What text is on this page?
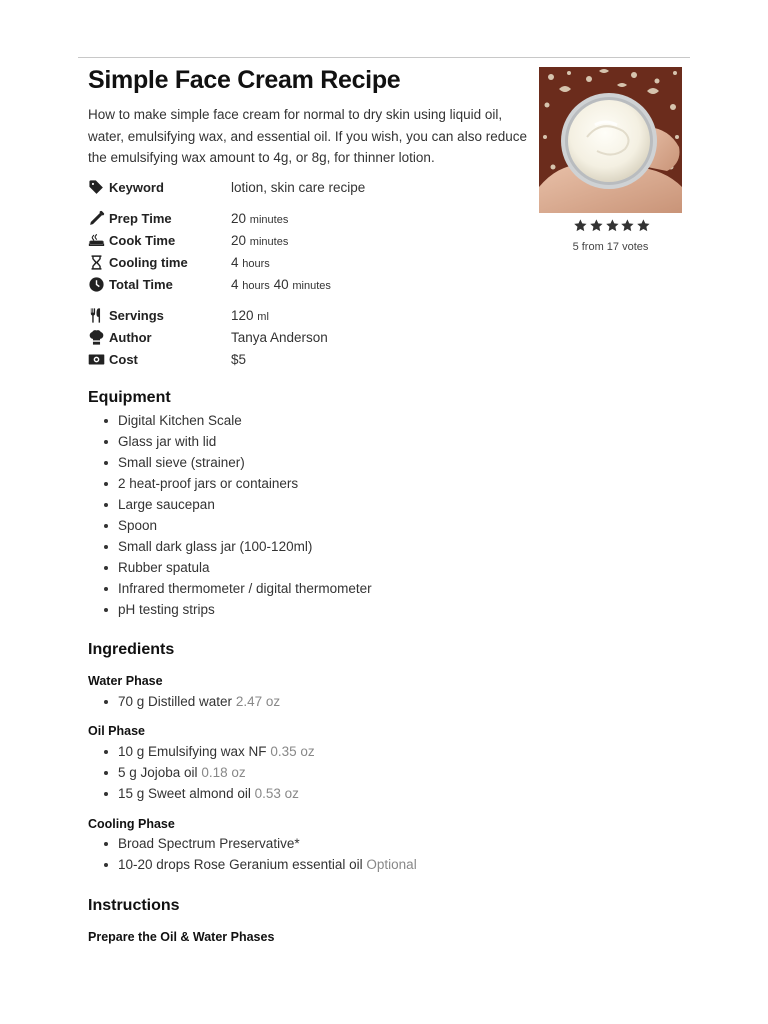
Simple Face Cream Recipe
How to make simple face cream for normal to dry skin using liquid oil, water, emulsifying wax, and essential oil. If you wish, you can also reduce the emulsifying wax amount to 4g, or 8g, for thinner lotion.
5 from 17 votes
Keyword	lotion, skin care recipe
Prep Time	20 minutes
Cook Time	20 minutes
Cooling time	4 hours
Total Time	4 hours 40 minutes
Servings	120 ml
Author	Tanya Anderson
Cost	$5
Equipment
Digital Kitchen Scale
Glass jar with lid
Small sieve (strainer)
2 heat-proof jars or containers
Large saucepan
Spoon
Small dark glass jar (100-120ml)
Rubber spatula
Infrared thermometer / digital thermometer
pH testing strips
Ingredients
Water Phase
70 g Distilled water 2.47 oz
Oil Phase
10 g Emulsifying wax NF 0.35 oz
5 g Jojoba oil 0.18 oz
15 g Sweet almond oil 0.53 oz
Cooling Phase
Broad Spectrum Preservative*
10-20 drops Rose Geranium essential oil Optional
Instructions
Prepare the Oil & Water Phases
